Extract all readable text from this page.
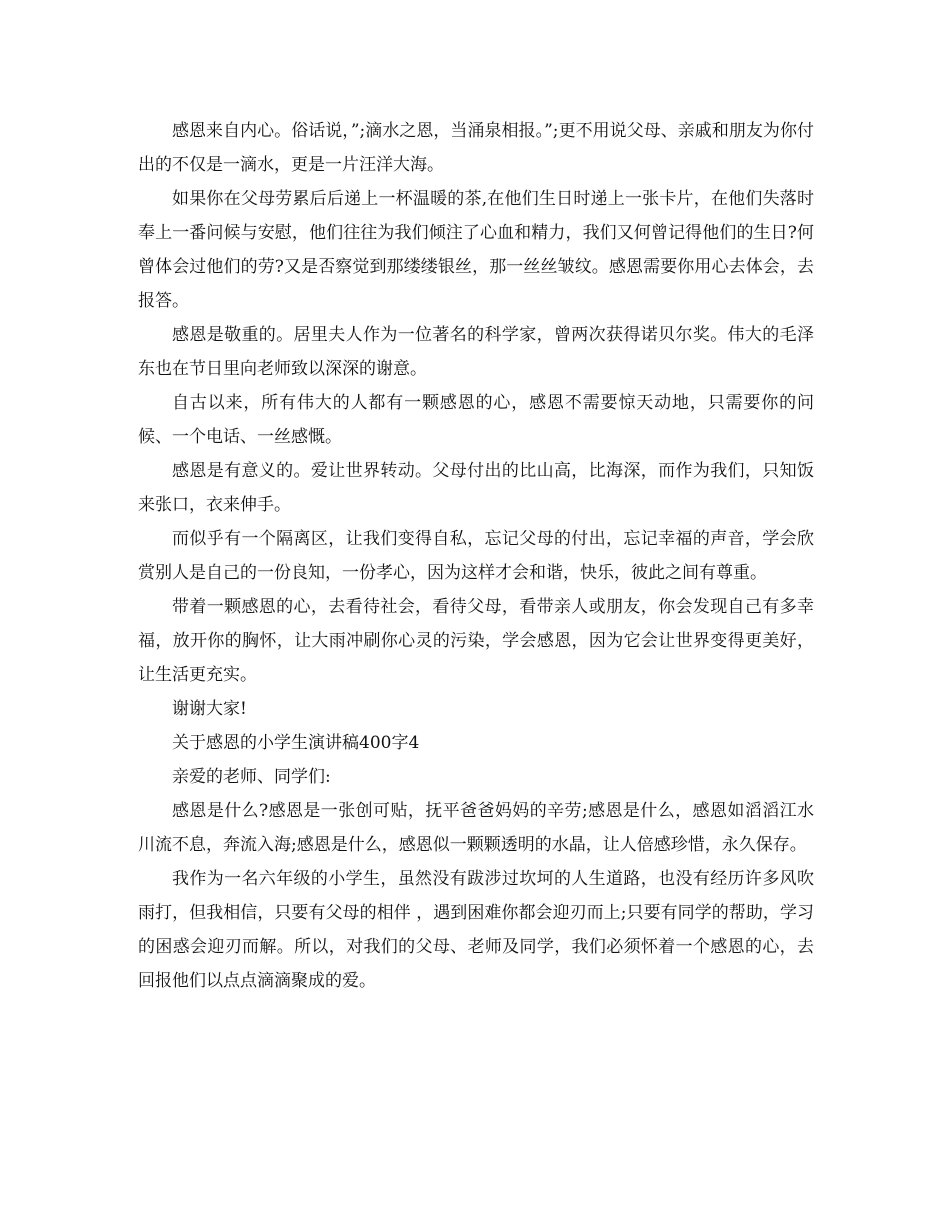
感恩来自内心。俗话说，”;滴水之恩，当涌泉相报。”;更不用说父母、亲戚和朋友为你付出的不仅是一滴水，更是一片汪洋大海。

如果你在父母劳累后后递上一杯温暖的茶,在他们生日时递上一张卡片，在他们失落时奉上一番问候与安慰，他们往往为我们倾注了心血和精力，我们又何曾记得他们的生日?何曾体会过他们的劳?又是否察觉到那缕缕银丝，那一丝丝皱纹。感恩需要你用心去体会，去报答。

感恩是敬重的。居里夫人作为一位著名的科学家，曾两次获得诺贝尔奖。伟大的毛泽东也在节日里向老师致以深深的谢意。

自古以来，所有伟大的人都有一颗感恩的心，感恩不需要惊天动地，只需要你的问候、一个电话、一丝感慨。

感恩是有意义的。爱让世界转动。父母付出的比山高，比海深，而作为我们，只知饭来张口，衣来伸手。

而似乎有一个隔离区，让我们变得自私，忘记父母的付出，忘记幸福的声音，学会欣赏别人是自己的一份良知，一份孝心，因为这样才会和谐，快乐，彼此之间有尊重。

带着一颗感恩的心，去看待社会，看待父母，看带亲人或朋友，你会发现自己有多幸福，放开你的胸怀，让大雨冲刷你心灵的污染，学会感恩，因为它会让世界变得更美好，让生活更充实。

谢谢大家!

关于感恩的小学生演讲稿400字4

亲爱的老师、同学们:

感恩是什么?感恩是一张创可贴，抚平爸爸妈妈的辛劳;感恩是什么，感恩如滔滔江水川流不息，奔流入海;感恩是什么，感恩似一颗颗透明的水晶，让人倍感珍惜，永久保存。

我作为一名六年级的小学生，虽然没有跋涉过坎坷的人生道路，也没有经历许多风吹雨打，但我相信，只要有父母的相伴 ，遇到困难你都会迎刃而上;只要有同学的帮助，学习的困惑会迎刃而解。所以，对我们的父母、老师及同学，我们必须怀着一个感恩的心，去回报他们以点点滴滴聚成的爱。
